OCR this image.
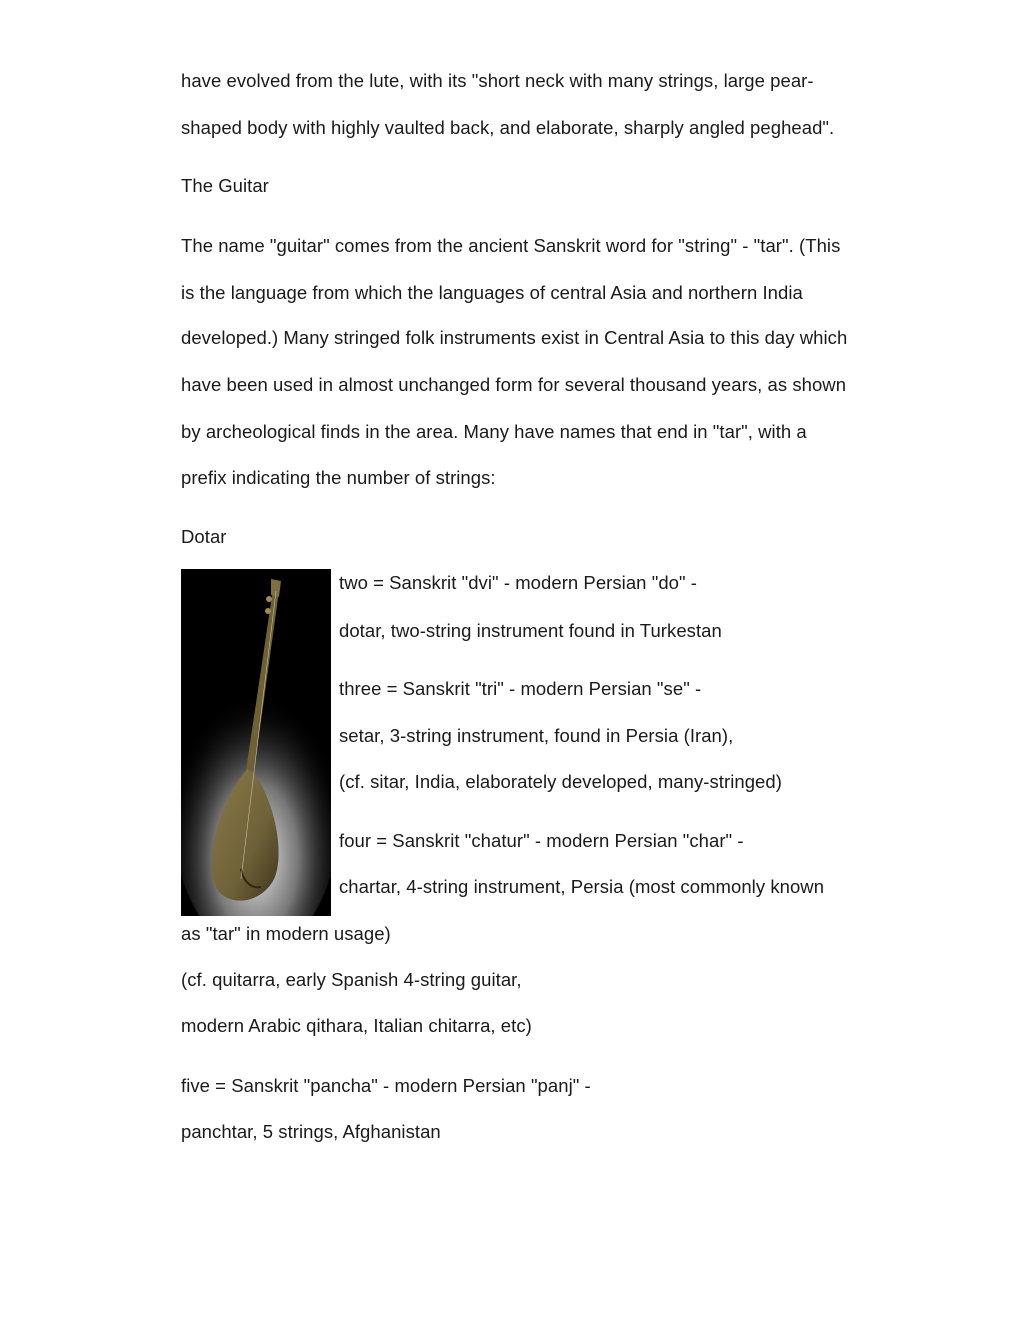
have evolved from the lute, with its "short neck with many strings, large pear-
shaped body with highly vaulted back, and elaborate, sharply angled peghead".
The Guitar
The name "guitar" comes from the ancient Sanskrit word for "string" - "tar". (This
is the language from which the languages of central Asia and northern India
developed.) Many stringed folk instruments exist in Central Asia to this day which
have been used in almost unchanged form for several thousand years, as shown
by archeological finds in the area. Many have names that end in "tar", with a
prefix indicating the number of strings:
Dotar
two = Sanskrit "dvi" - modern Persian "do" -
dotar, two-string instrument found in Turkestan
three = Sanskrit "tri" - modern Persian "se" -
setar, 3-string instrument, found in Persia (Iran),
(cf. sitar, India, elaborately developed, many-stringed)
four = Sanskrit "chatur" - modern Persian "char" -
chartar, 4-string instrument, Persia (most commonly known
as "tar" in modern usage)
(cf. quitarra, early Spanish 4-string guitar,
modern Arabic qithara, Italian chitarra, etc)
five = Sanskrit "pancha" - modern Persian "panj" -
panchtar, 5 strings, Afghanistan
